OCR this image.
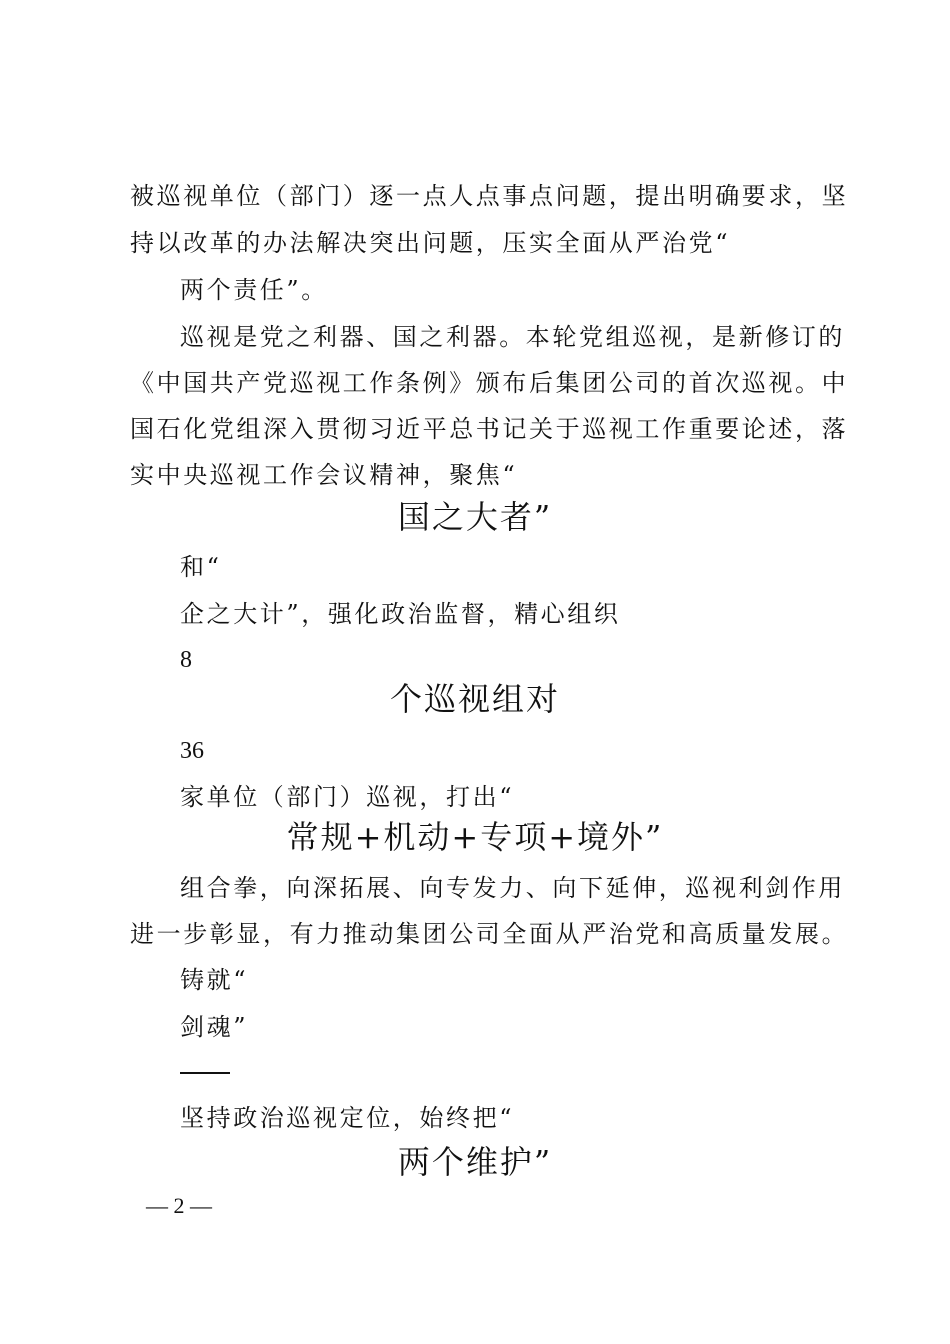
被巡视单位（部门）逐一点人点事点问题，提出明确要求，坚
持以改革的办法解决突出问题，压实全面从严治党“
两个责任”。
巡视是党之利器、国之利器。本轮党组巡视，是新修订的
《中国共产党巡视工作条例》颁布后集团公司的首次巡视。中
国石化党组深入贯彻习近平总书记关于巡视工作重要论述，落
实中央巡视工作会议精神，聚焦“
国之大者”
和“
企之大计”，强化政治监督，精心组织
8
个巡视组对
36
家单位（部门）巡视，打出“
常规+机动+专项+境外”
组合拳，向深拓展、向专发力、向下延伸，巡视利剑作用
进一步彰显，有力推动集团公司全面从严治党和高质量发展。
铸就“
剑魂”
坚持政治巡视定位，始终把“
两个维护”
— 2 —
